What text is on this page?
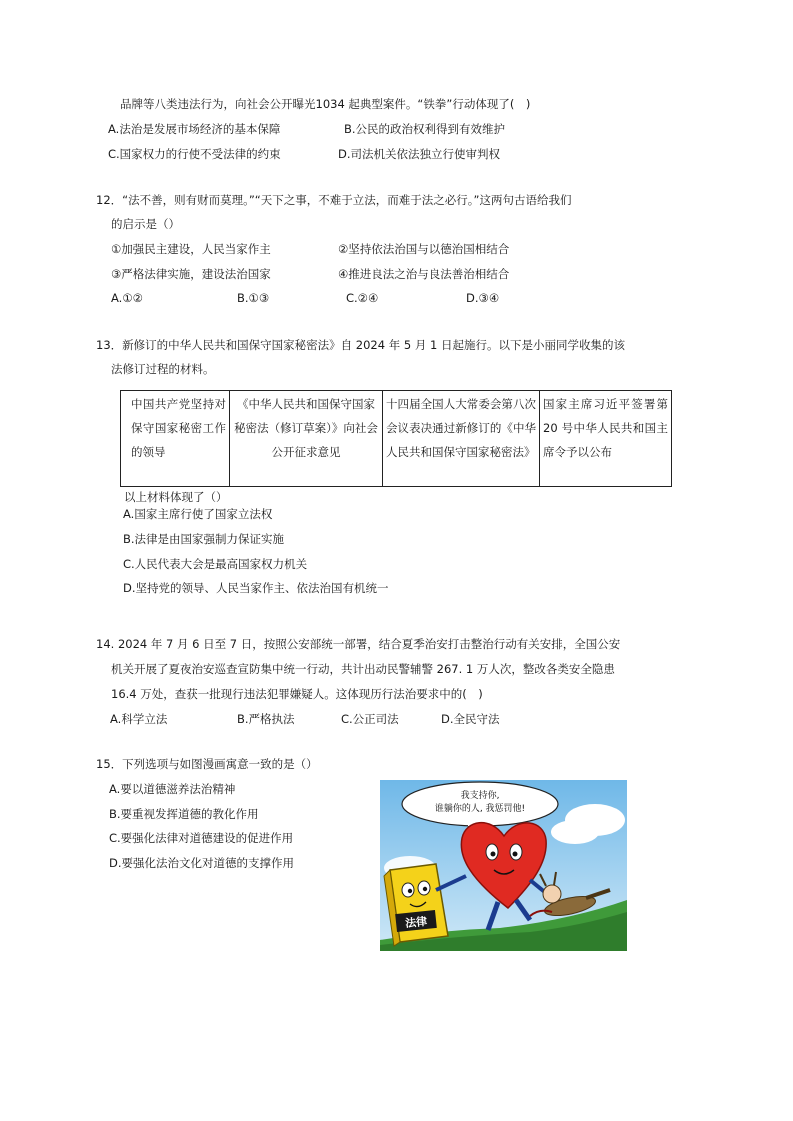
品牌等八类违法行为，向社会公开曝光1034 起典型案件。“铁拳”行动体现了(　)
A.法治是发展市场经济的基本保障	B.公民的政治权利得到有效维护
C.国家权力的行使不受法律的约束	D.司法机关依法独立行使审判权
12．“法不善，则有财而莫理。”“天下之事，不难于立法，而难于法之必行。”这两句古语给我们
的启示是（）
①加强民主建设，人民当家作主	②坚持依法治国与以德治国相结合
③严格法律实施，建设法治国家	④推进良法之治与良法善治相结合
A.①②	B.①③	C.②④	D.③④
13．新修订的中华人民共和国保守国家秘密法》自 2024 年 5 月 1 日起施行。以下是小丽同学收集的该
法修订过程的材料。
中国共产党坚持对保守国家秘密工作的领导	《中华人民共和国保守国家秘密法（修订草案）》向社会公开征求意见	十四届全国人大常委会第八次会议表决通过新修订的《中华人民共和国保守国家秘密法》	国家主席习近平签署第 20 号中华人民共和国主席令予以公布
以上材料体现了（）
A.国家主席行使了国家立法权
B.法律是由国家强制力保证实施
C.人民代表大会是最高国家权力机关
D.坚持党的领导、人民当家作主、依法治国有机统一
14. 2024 年 7 月 6 日至 7 日，按照公安部统一部署，结合夏季治安打击整治行动有关安排，全国公安
机关开展了夏夜治安巡查宣防集中统一行动，共计出动民警辅警 267. 1 万人次，整改各类安全隐患
16.4 万处，查获一批现行违法犯罪嫌疑人。这体现历行法治要求中的(　)
A.科学立法	B.严格执法	C.公正司法	D.全民守法
15．下列选项与如图漫画寓意一致的是（）
A.要以道德滋养法治精神
B.要重视发挥道德的教化作用
C.要强化法律对道德建设的促进作用
D.要强化法治文化对道德的支撑作用
我支持你,
谁躺你的人, 我惩罚他!
法律
